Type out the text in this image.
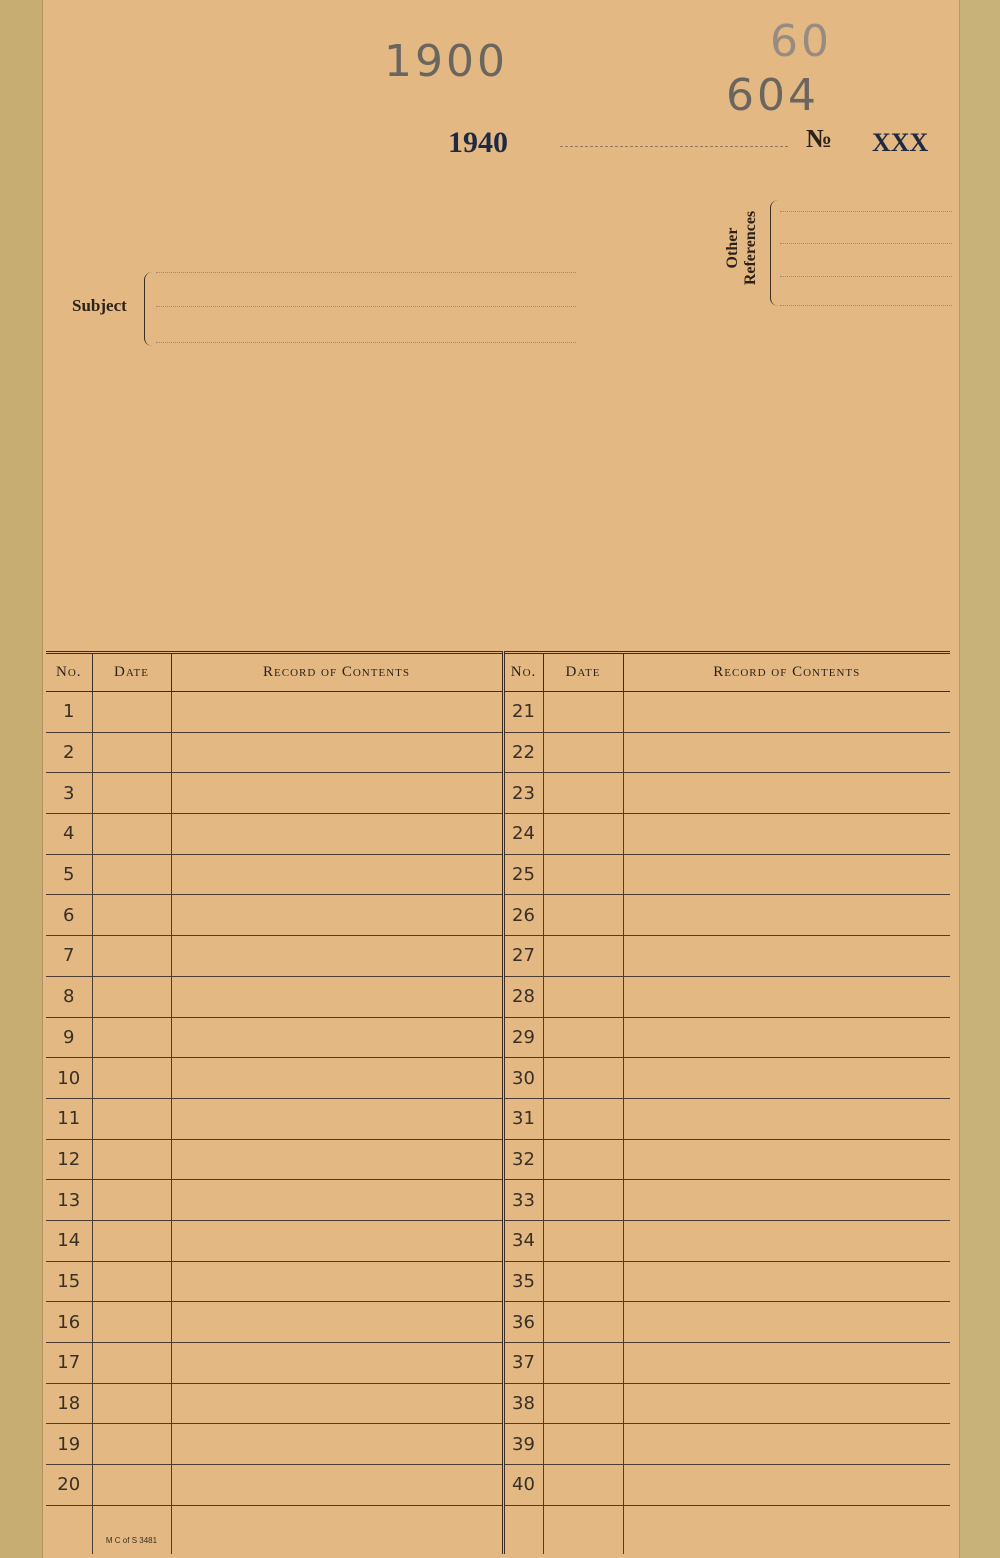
1900	60
604
1940	№ XXX
Subject
Other References
No.	Date	Record of Contents	No.	Date	Record of Contents
1			21		
2			22		
3			23		
4			24		
5			25		
6			26		
7			27		
8			28		
9			29		
10			30		
11			31		
12			32		
13			33		
14			34		
15			35		
16			36		
17			37		
18			38		
19			39		
20			40		

	M C of S 3481				
